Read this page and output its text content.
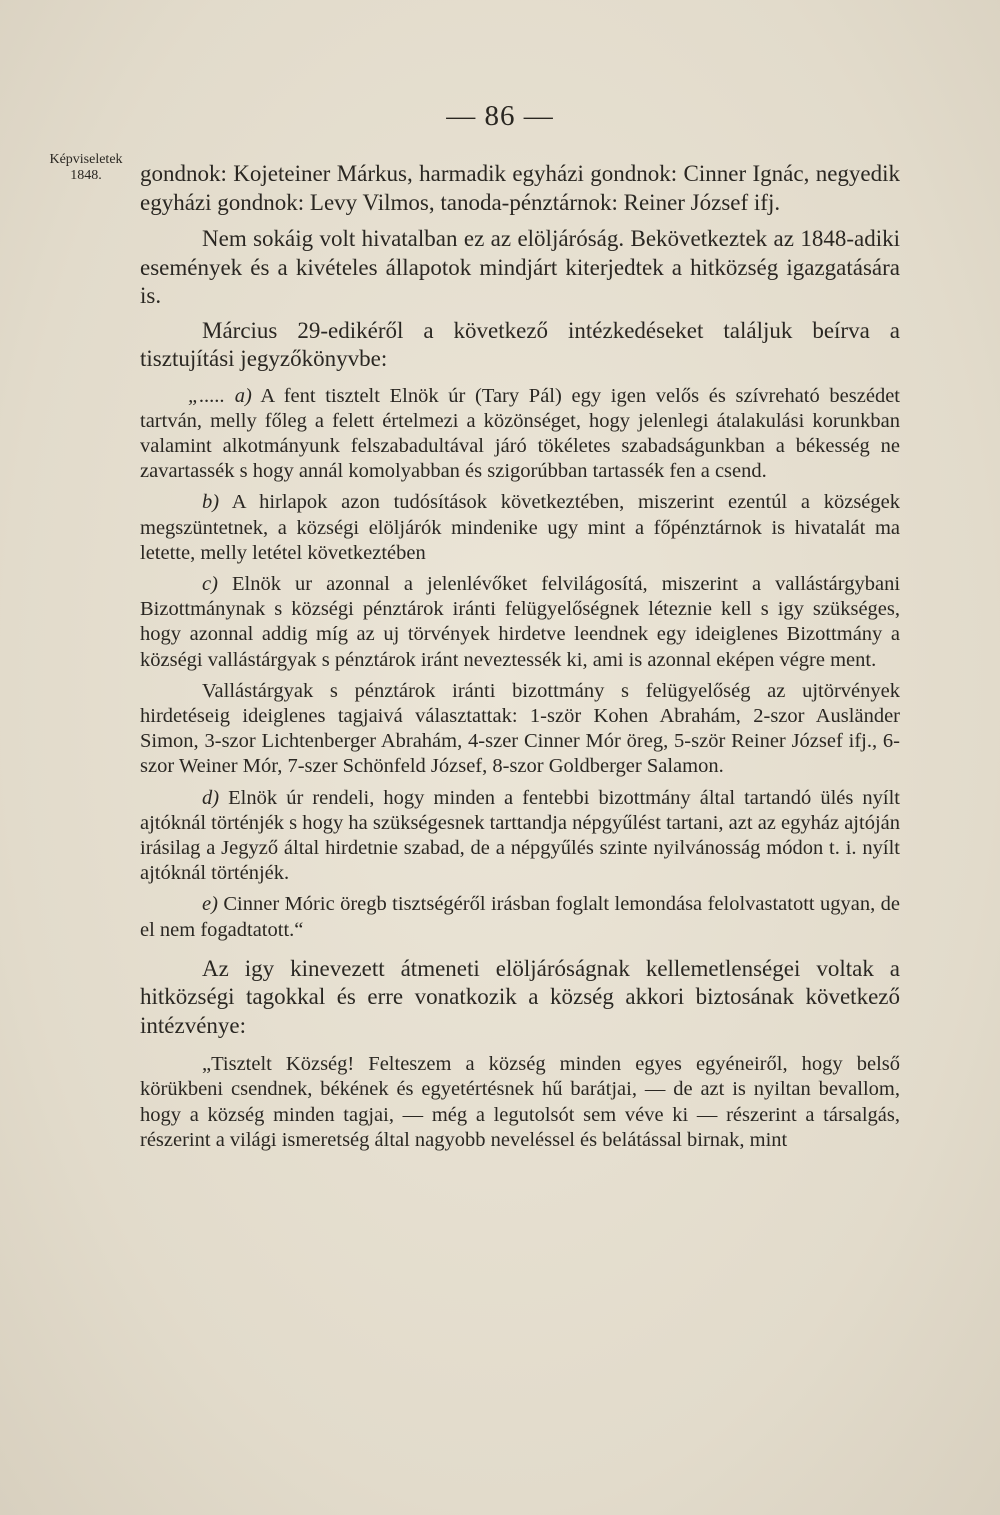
— 86 —
Képviseletek
1848.	gondnok: Kojeteiner Márkus, harmadik egyházi gondnok: Cinner Ignác, negyedik egyházi gondnok: Levy Vilmos, tanoda-pénztárnok: Reiner József ifj.

Nem sokáig volt hivatalban ez az elöljáróság. Bekövetkeztek az 1848-adiki események és a kivételes állapotok mindjárt kiterjedtek a hitközség igazgatására is.

Március 29-edikéről a következő intézkedéseket találjuk beírva a tisztujítási jegyzőkönyvbe:

„..... a) A fent tisztelt Elnök úr (Tary Pál) egy igen velős és szívreható beszédet tartván, melly főleg a felett értelmezi a közönséget, hogy jelenlegi átalakulási korunkban valamint alkotmányunk felszabadultával járó tökéletes szabadságunkban a békesség ne zavartassék s hogy annál komolyabban és szigorúbban tartassék fen a csend.

b) A hirlapok azon tudósítások következtében, miszerint ezentúl a községek megszüntetnek, a községi elöljárók mindenike ugy mint a főpénztárnok is hivatalát ma letette, melly letétel következtében

c) Elnök ur azonnal a jelenlévőket felvilágosítá, miszerint a vallástárgybani Bizottmánynak s községi pénztárok iránti felügyelőségnek léteznie kell s igy szükséges, hogy azonnal addig míg az uj törvények hirdetve leendnek egy ideiglenes Bizottmány a községi vallástárgyak s pénztárok iránt neveztessék ki, ami is azonnal eképen végre ment.

Vallástárgyak s pénztárok iránti bizottmány s felügyelőség az ujtörvények hirdetéseig ideiglenes tagjaivá választattak: 1-ször Kohen Abrahám, 2-szor Ausländer Simon, 3-szor Lichtenberger Abrahám, 4-szer Cinner Mór öreg, 5-ször Reiner József ifj., 6-szor Weiner Mór, 7-szer Schönfeld József, 8-szor Goldberger Salamon.

d) Elnök úr rendeli, hogy minden a fentebbi bizottmány által tartandó ülés nyílt ajtóknál történjék s hogy ha szükségesnek tarttandja népgyűlést tartani, azt az egyház ajtóján irásilag a Jegyző által hirdetnie szabad, de a népgyűlés szinte nyilvánosság módon t. i. nyílt ajtóknál történjék.

e) Cinner Móric öregb tisztségéről irásban foglalt lemondása felolvastatott ugyan, de el nem fogadtatott.“

Az igy kinevezett átmeneti elöljáróságnak kellemetlenségei voltak a hitközségi tagokkal és erre vonatkozik a község akkori biztosának következő intézvénye:

„Tisztelt Község! Felteszem a község minden egyes egyéneiről, hogy belső körükbeni csendnek, békének és egyetértésnek hű barátjai, — de azt is nyiltan bevallom, hogy a község minden tagjai, — még a legutolsót sem véve ki — részerint a társalgás, részerint a világi ismeretség által nagyobb neveléssel és belátással birnak, mint
